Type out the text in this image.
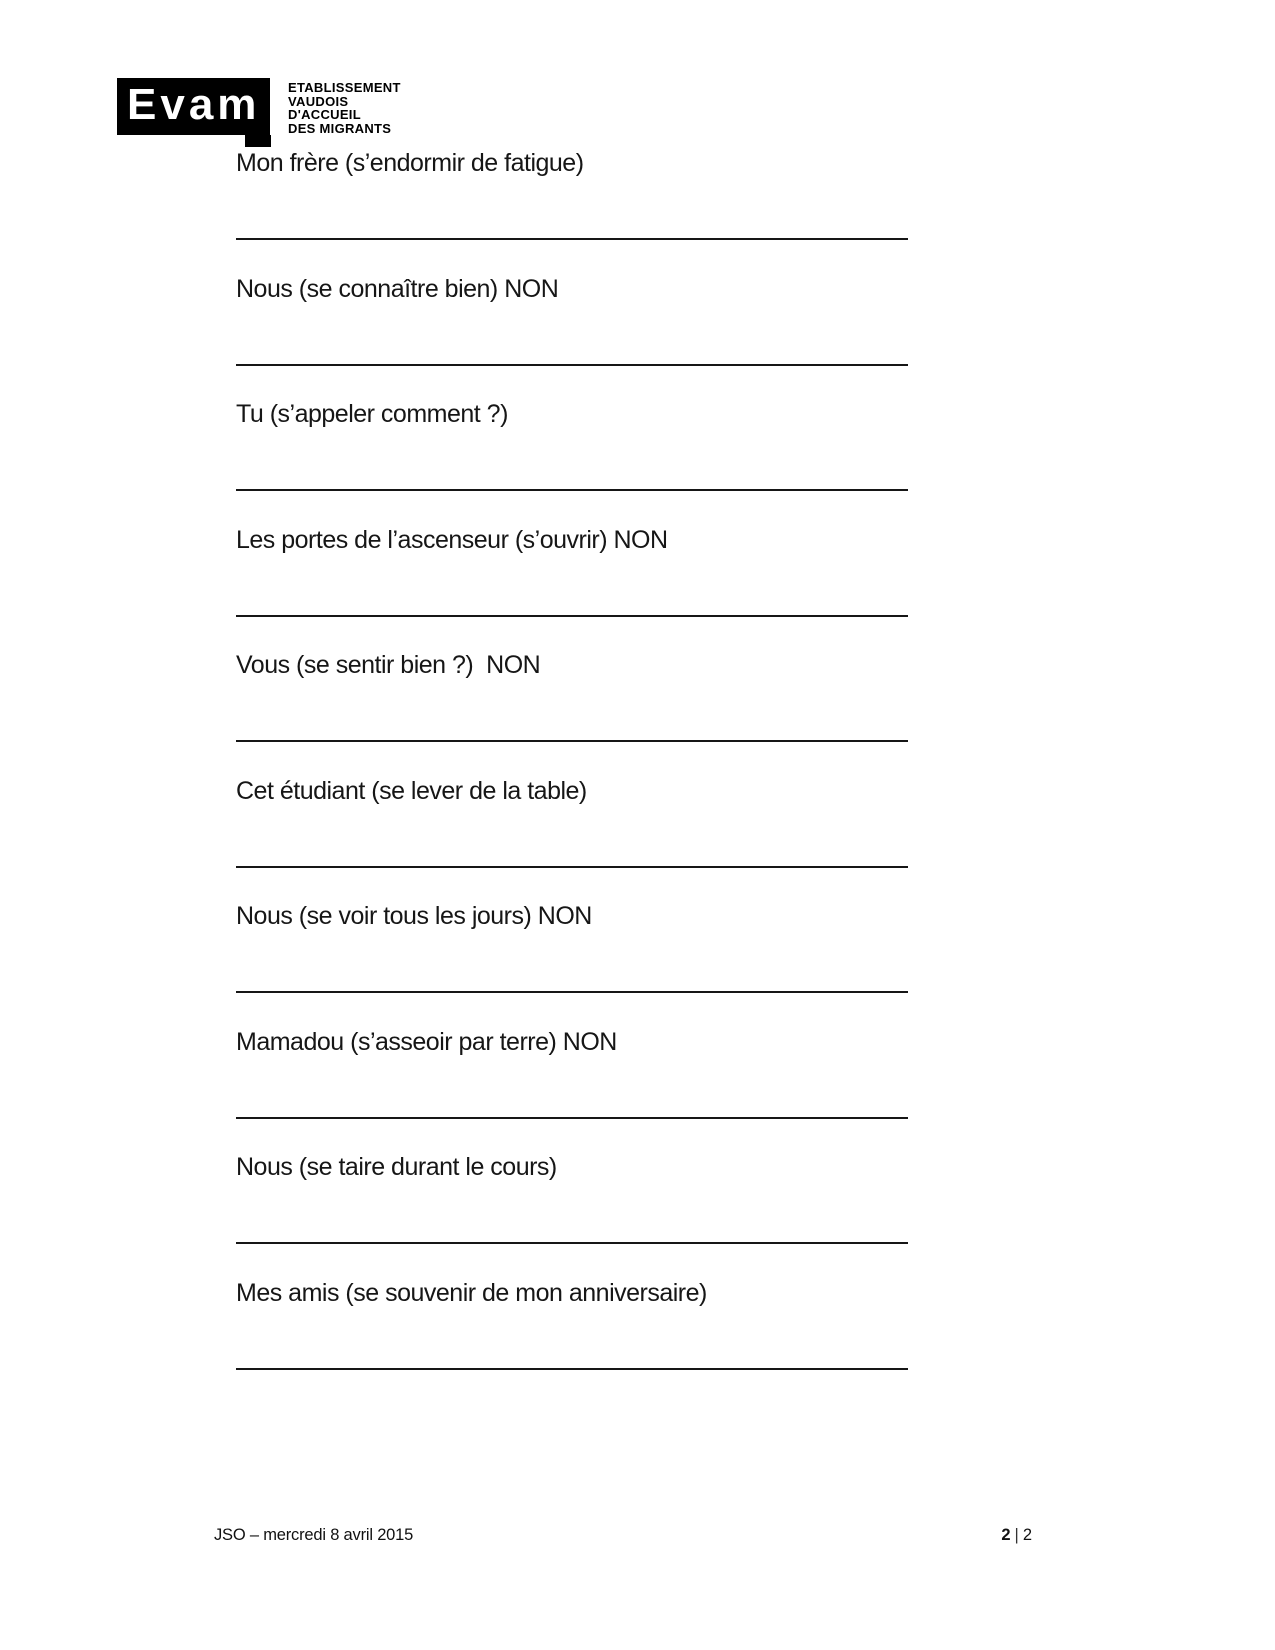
Evam	ETABLISSEMENT
VAUDOIS
D'ACCUEIL
DES MIGRANTS

Mon frère (s’endormir de fatigue)

Nous (se connaître bien) NON

Tu (s’appeler comment ?)

Les portes de l’ascenseur (s’ouvrir) NON

Vous (se sentir bien ?)  NON

Cet étudiant (se lever de la table)

Nous (se voir tous les jours) NON

Mamadou (s’asseoir par terre) NON

Nous (se taire durant le cours)

Mes amis (se souvenir de mon anniversaire)

JSO – mercredi 8 avril 2015	2 | 2
